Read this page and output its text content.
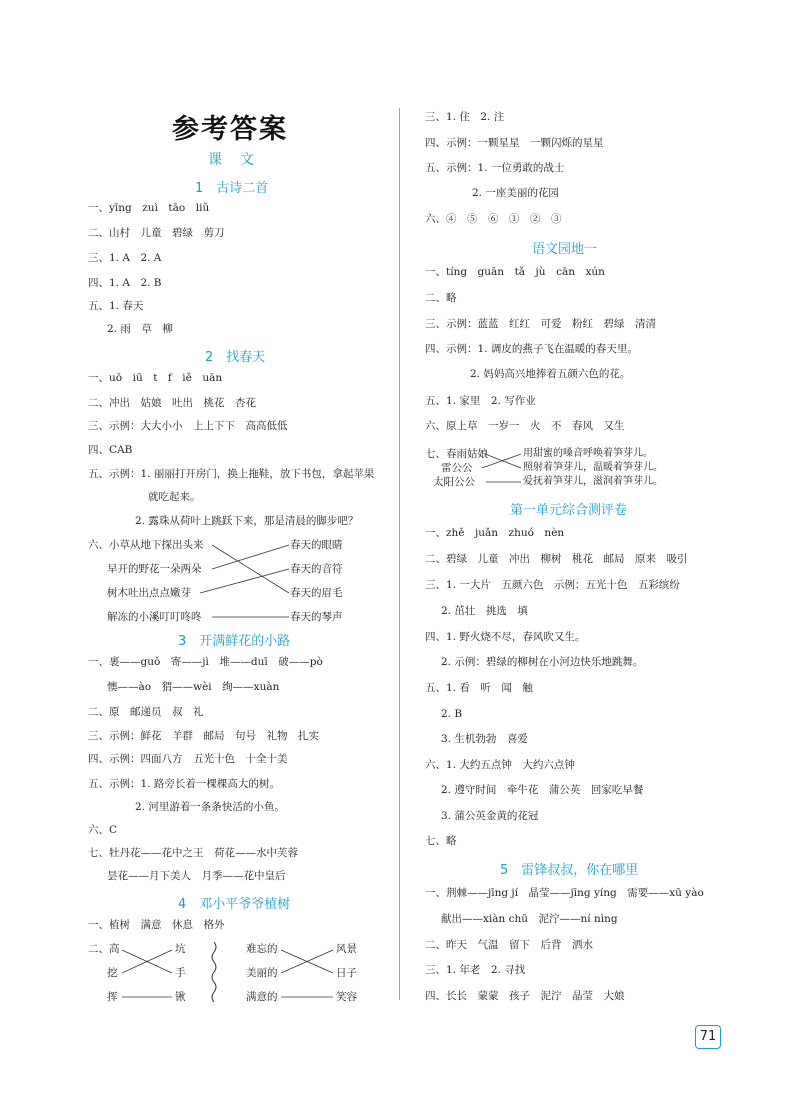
参考答案
课文
1　古诗二首
一、yīng　zuì　tāo　liǔ
二、山村　儿童　碧绿　剪刀
三、1. A　2. A
四、1. A　2. B
五、1. 春天
2. 雨　草　柳
2　找春天
一、uō　iū　t　f　iě　uān
二、冲出　姑娘　吐出　桃花　杏花
三、示例：大大小小　上上下下　高高低低
四、CAB
五、示例：1. 丽丽打开房门，换上拖鞋，放下书包，拿起苹果
就吃起来。
2. 露珠从荷叶上跳跃下来，那是清晨的脚步吧？
六、小草从地下探出头来
早开的野花一朵两朵
树木吐出点点嫩芽
解冻的小溪叮叮咚咚
春天的眼睛
春天的音符
春天的眉毛
春天的琴声
3　开满鲜花的小路
一、裹——guǒ　寄——jì　堆——duī　破——pò
懊——ào　猬——wèi　绚——xuàn
二、原　邮递员　叔　礼
三、示例：鲜花　羊群　邮局　句号　礼物　扎实
四、示例：四面八方　五光十色　十全十美
五、示例：1. 路旁长着一棵棵高大的树。
2. 河里游着一条条快活的小鱼。
六、C
七、牡丹花——花中之王　荷花——水中芙蓉
昙花——月下美人　月季——花中皇后
4　邓小平爷爷植树
一、植树　满意　休息　格外
二、高
挖
挥
坑
手
锹
难忘的
美丽的
满意的
风景
日子
笑容
三、1. 住　2. 注
四、示例：一颗星星　一颗闪烁的星星
五、示例：1. 一位勇敢的战士
2. 一座美丽的花园
六、④　⑤　⑥　①　②　③
语文园地一
一、tíng　guān　tǎ　jù　cān　xún
二、略
三、示例：蓝蓝　红红　可爱　粉红　碧绿　清清
四、示例：1. 调皮的燕子飞在温暖的春天里。
2. 妈妈高兴地捧着五颜六色的花。
五、1. 家里　2. 写作业
六、原上草　一岁一　火　不　春风　又生
七、春雨姑娘
雷公公
太阳公公
用甜蜜的嗓音呼唤着笋芽儿。
照射着笋芽儿，温暖着笋芽儿。
爱抚着笋芽儿，滋润着笋芽儿。
第一单元综合测评卷
一、zhě　juǎn　zhuó　nèn
二、碧绿　儿童　冲出　柳树　桃花　邮局　原来　吸引
三、1. 一大片　五颜六色　示例：五光十色　五彩缤纷
2. 茁壮　挑选　填
四、1. 野火烧不尽，春风吹又生。
2. 示例：碧绿的柳树在小河边快乐地跳舞。
五、1. 看　听　闻　触
2. B
3. 生机勃勃　喜爱
六、1. 大约五点钟　大约六点钟
2. 遵守时间　牵牛花　蒲公英　回家吃早餐
3. 蒲公英金黄的花冠
七、略
5　雷锋叔叔，你在哪里
一、荆棘——jīng jí　晶莹——jīng yíng　需要——xū yào
献出——xiàn chū　泥泞——ní nìng
二、昨天　气温　留下　后背　洒水
三、1. 年老　2. 寻找
四、长长　蒙蒙　孩子　泥泞　晶莹　大娘
71
